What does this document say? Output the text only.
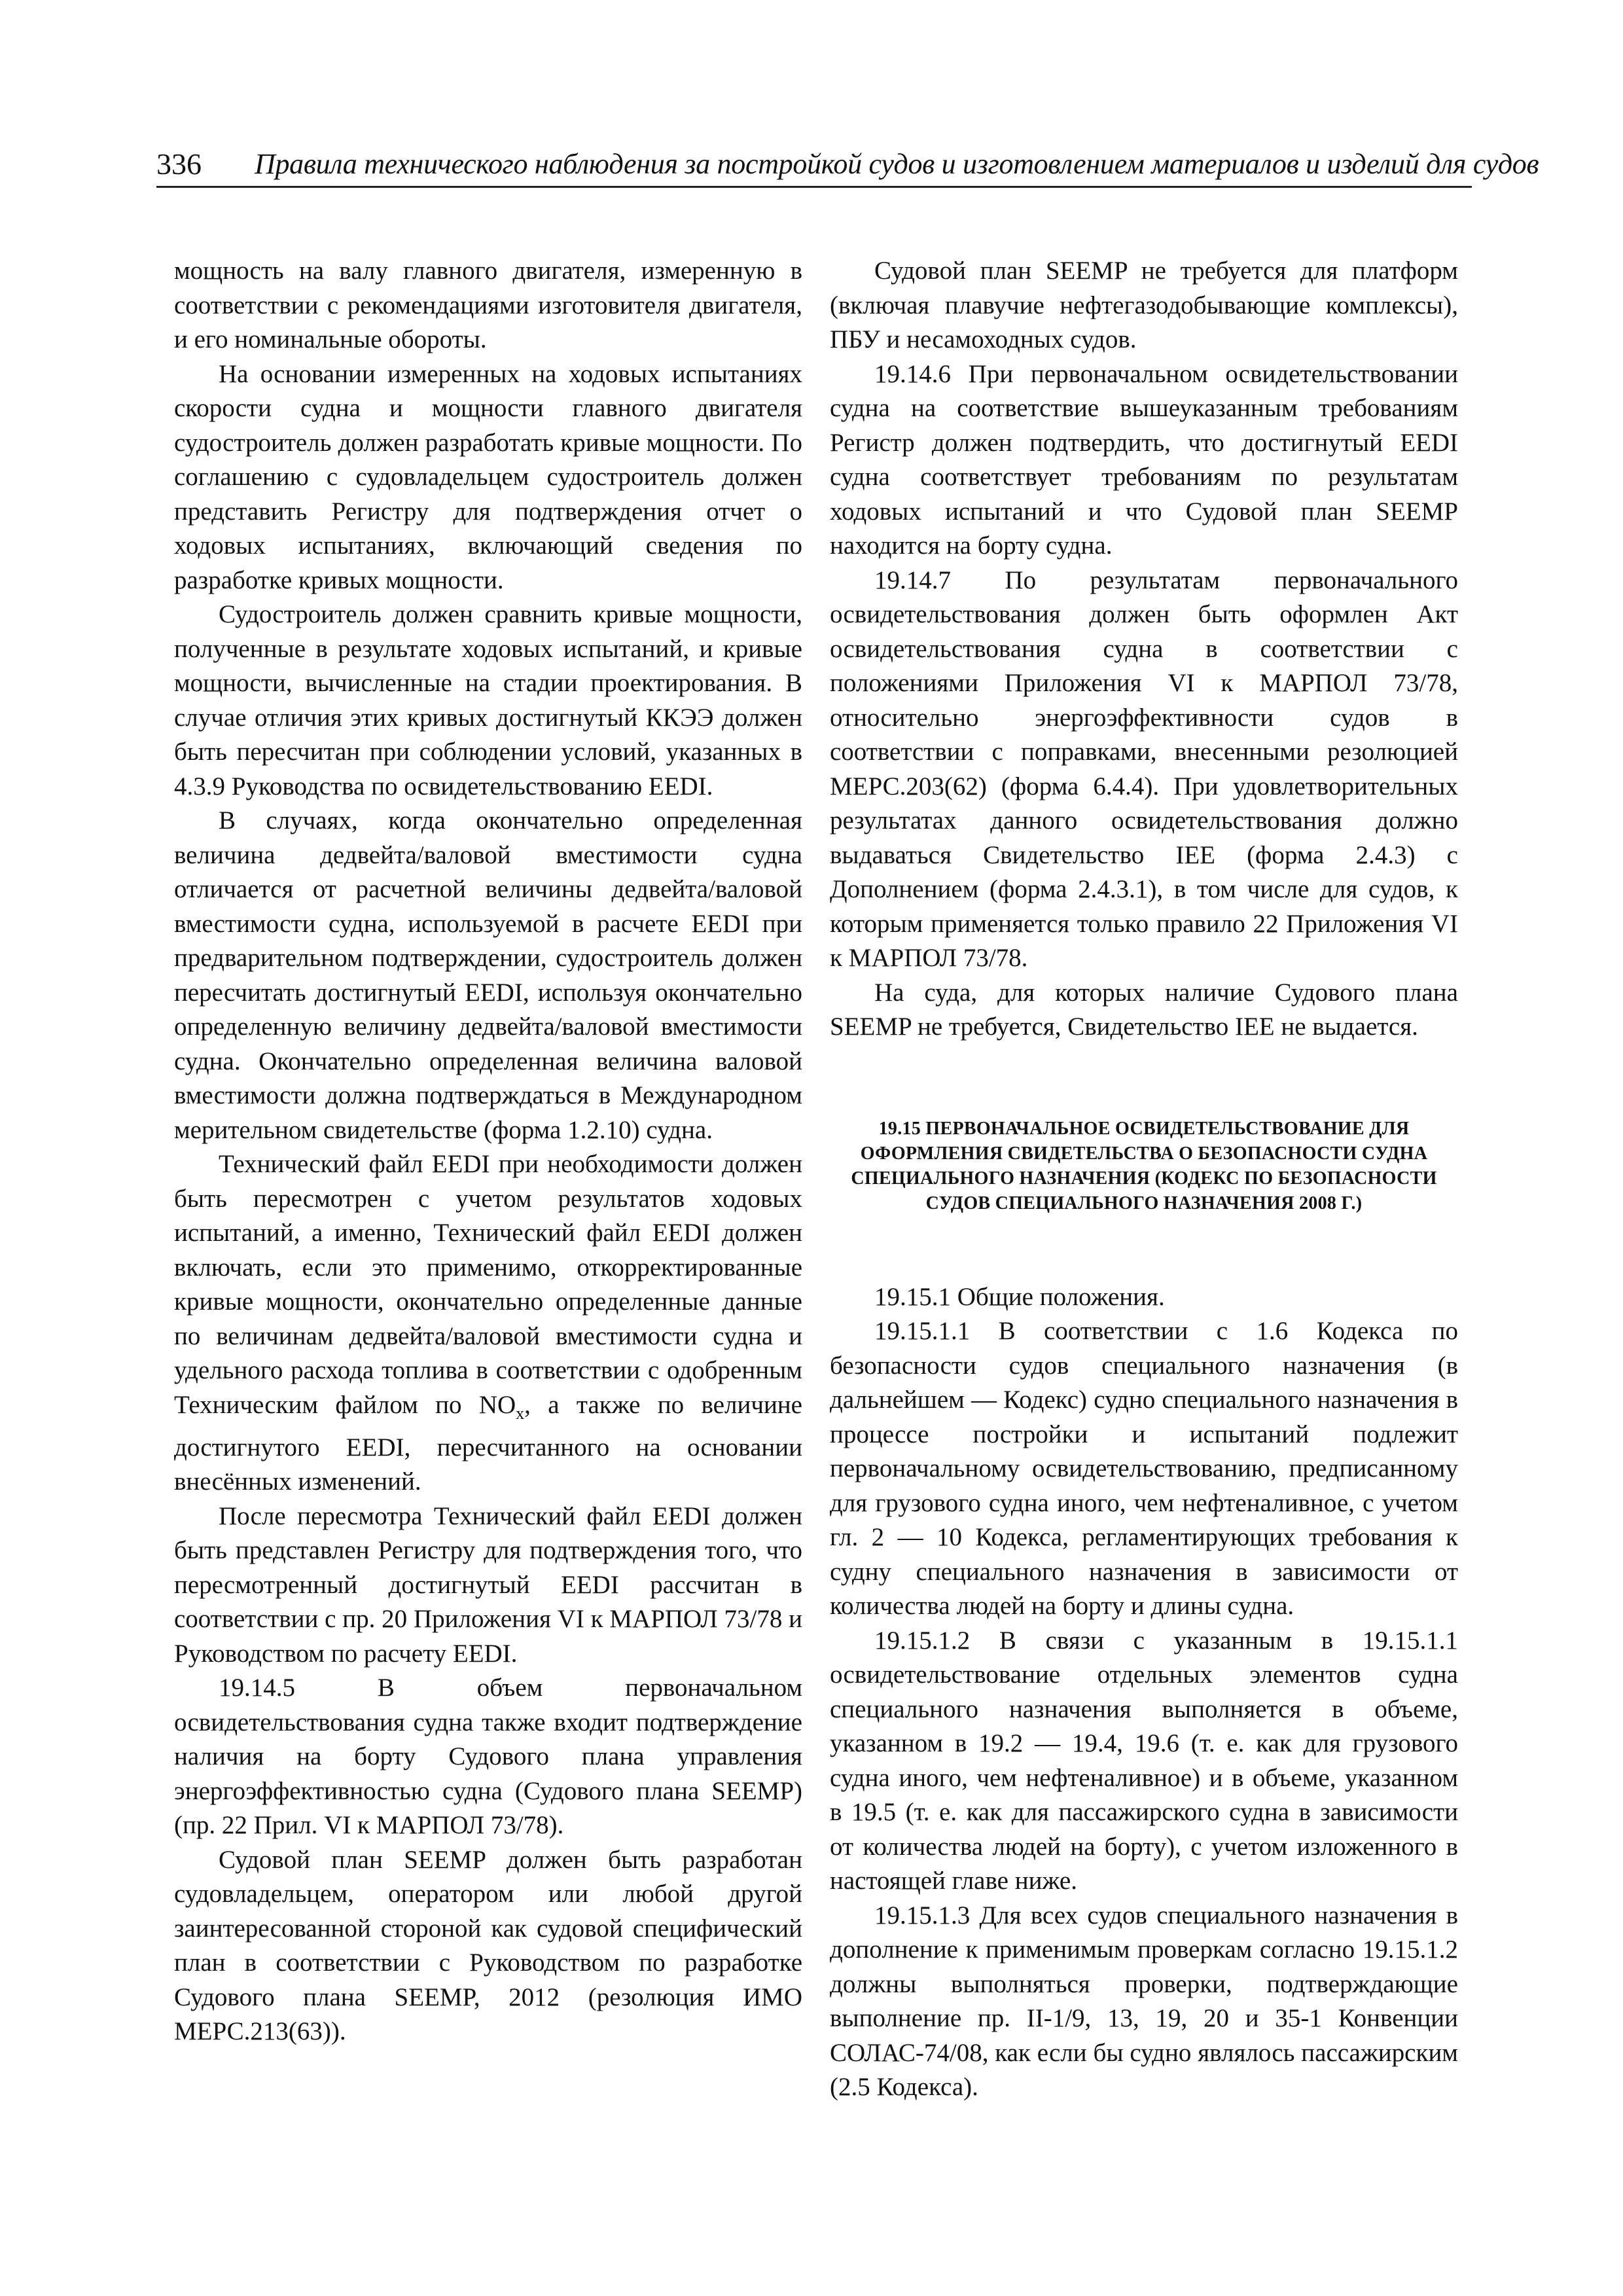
336 Правила технического наблюдения за постройкой судов и изготовлением материалов и изделий для судов

мощность на валу главного двигателя, измеренную в соответствии с рекомендациями изготовителя двигателя, и его номинальные обороты.

На основании измеренных на ходовых испытаниях скорости судна и мощности главного двигателя судостроитель должен разработать кривые мощности. По соглашению с судовладельцем судостроитель должен представить Регистру для подтверждения отчет о ходовых испытаниях, включающий сведения по разработке кривых мощности.

Судостроитель должен сравнить кривые мощности, полученные в результате ходовых испытаний, и кривые мощности, вычисленные на стадии проектирования. В случае отличия этих кривых достигнутый ККЭЭ должен быть пересчитан при соблюдении условий, указанных в 4.3.9 Руководства по освидетельствованию EEDI.

В случаях, когда окончательно определенная величина дедвейта/валовой вместимости судна отличается от расчетной величины дедвейта/валовой вместимости судна, используемой в расчете EEDI при предварительном подтверждении, судостроитель должен пересчитать достигнутый EEDI, используя окончательно определенную величину дедвейта/валовой вместимости судна. Окончательно определенная величина валовой вместимости должна подтверждаться в Международном мерительном свидетельстве (форма 1.2.10) судна.

Технический файл EEDI при необходимости должен быть пересмотрен с учетом результатов ходовых испытаний, а именно, Технический файл EEDI должен включать, если это применимо, откорректированные кривые мощности, окончательно определенные данные по величинам дедвейта/валовой вместимости судна и удельного расхода топлива в соответствии с одобренным Техническим файлом по $NO_x$, а также по величине достигнутого EEDI, пересчитанного на основании внесённых изменений.

После пересмотра Технический файл EEDI должен быть представлен Регистру для подтверждения того, что пересмотренный достигнутый EEDI рассчитан в соответствии с пр. 20 Приложения VI к МАРПОЛ 73/78 и Руководством по расчету EEDI.

19.14.5 В объем первоначальном освидетельствования судна также входит подтверждение наличия на борту Судового плана управления энергоэффективностью судна (Судового плана SEEMP) (пр. 22 Прил. VI к МАРПОЛ 73/78).

Судовой план SEEMP должен быть разработан судовладельцем, оператором или любой другой заинтересованной стороной как судовой специфический план в соответствии с Руководством по разработке Судового плана SEEMP, 2012 (резолюция ИМО МЕРС.213(63)).

Судовой план SEEMP не требуется для платформ (включая плавучие нефтегазодобывающие комплексы), ПБУ и несамоходных судов.

19.14.6 При первоначальном освидетельствовании судна на соответствие вышеуказанным требованиям Регистр должен подтвердить, что достигнутый EEDI судна соответствует требованиям по результатам ходовых испытаний и что Судовой план SEEMP находится на борту судна.

19.14.7 По результатам первоначального освидетельствования должен быть оформлен Акт освидетельствования судна в соответствии с положениями Приложения VI к МАРПОЛ 73/78, относительно энергоэффективности судов в соответствии с поправками, внесенными резолюцией МЕРС.203(62) (форма 6.4.4). При удовлетворительных результатах данного освидетельствования должно выдаваться Свидетельство IEE (форма 2.4.3) с Дополнением (форма 2.4.3.1), в том числе для судов, к которым применяется только правило 22 Приложения VI к МАРПОЛ 73/78.

На суда, для которых наличие Судового плана SEEMP не требуется, Свидетельство IEE не выдается.

19.15 ПЕРВОНАЧАЛЬНОЕ ОСВИДЕТЕЛЬСТВОВАНИЕ ДЛЯ ОФОРМЛЕНИЯ СВИДЕТЕЛЬСТВА О БЕЗОПАСНОСТИ СУДНА СПЕЦИАЛЬНОГО НАЗНАЧЕНИЯ (КОДЕКС ПО БЕЗОПАСНОСТИ СУДОВ СПЕЦИАЛЬНОГО НАЗНАЧЕНИЯ 2008 Г.)

19.15.1 Общие положения.

19.15.1.1 В соответствии с 1.6 Кодекса по безопасности судов специального назначения (в дальнейшем — Кодекс) судно специального назначения в процессе постройки и испытаний подлежит первоначальному освидетельствованию, предписанному для грузового судна иного, чем нефтеналивное, с учетом гл. 2 — 10 Кодекса, регламентирующих требования к судну специального назначения в зависимости от количества людей на борту и длины судна.

19.15.1.2 В связи с указанным в 19.15.1.1 освидетельствование отдельных элементов судна специального назначения выполняется в объеме, указанном в 19.2 — 19.4, 19.6 (т. е. как для грузового судна иного, чем нефтеналивное) и в объеме, указанном в 19.5 (т. е. как для пассажирского судна в зависимости от количества людей на борту), с учетом изложенного в настоящей главе ниже.

19.15.1.3 Для всех судов специального назначения в дополнение к применимым проверкам согласно 19.15.1.2 должны выполняться проверки, подтверждающие выполнение пр. II-1/9, 13, 19, 20 и 35-1 Конвенции СОЛАС-74/08, как если бы судно являлось пассажирским (2.5 Кодекса).
